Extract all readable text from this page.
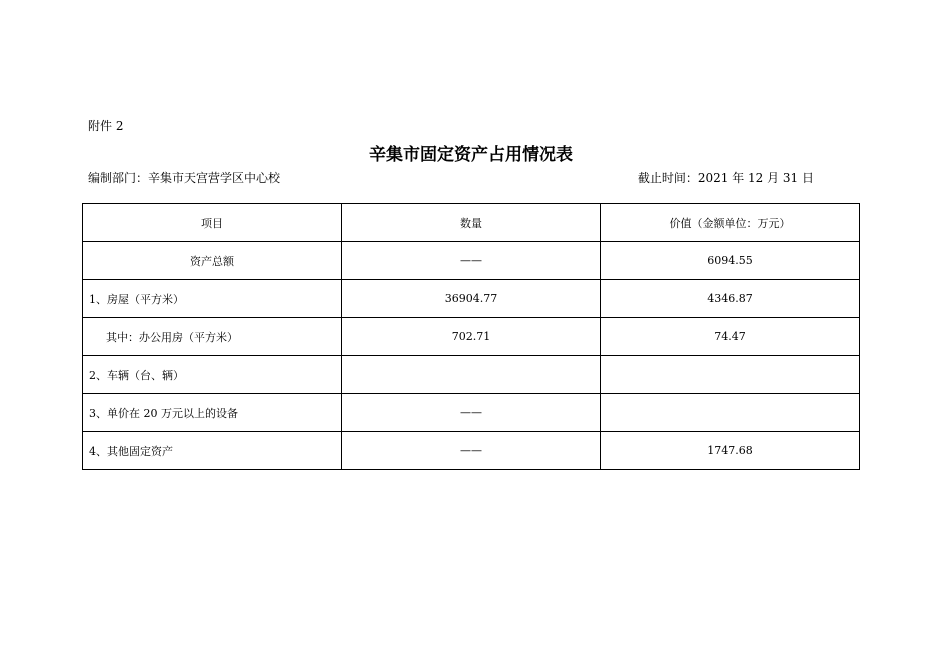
附件 2
辛集市固定资产占用情况表
编制部门：辛集市天宫营学区中心校	截止时间：2021 年 12 月 31 日
项目	数量	价值（金额单位：万元）
资产总额	——	6094.55
1、房屋（平方米）	36904.77	4346.87
其中：办公用房（平方米）	702.71	74.47
2、车辆（台、辆）		
3、单价在 20 万元以上的设备	——	
4、其他固定资产	——	1747.68
